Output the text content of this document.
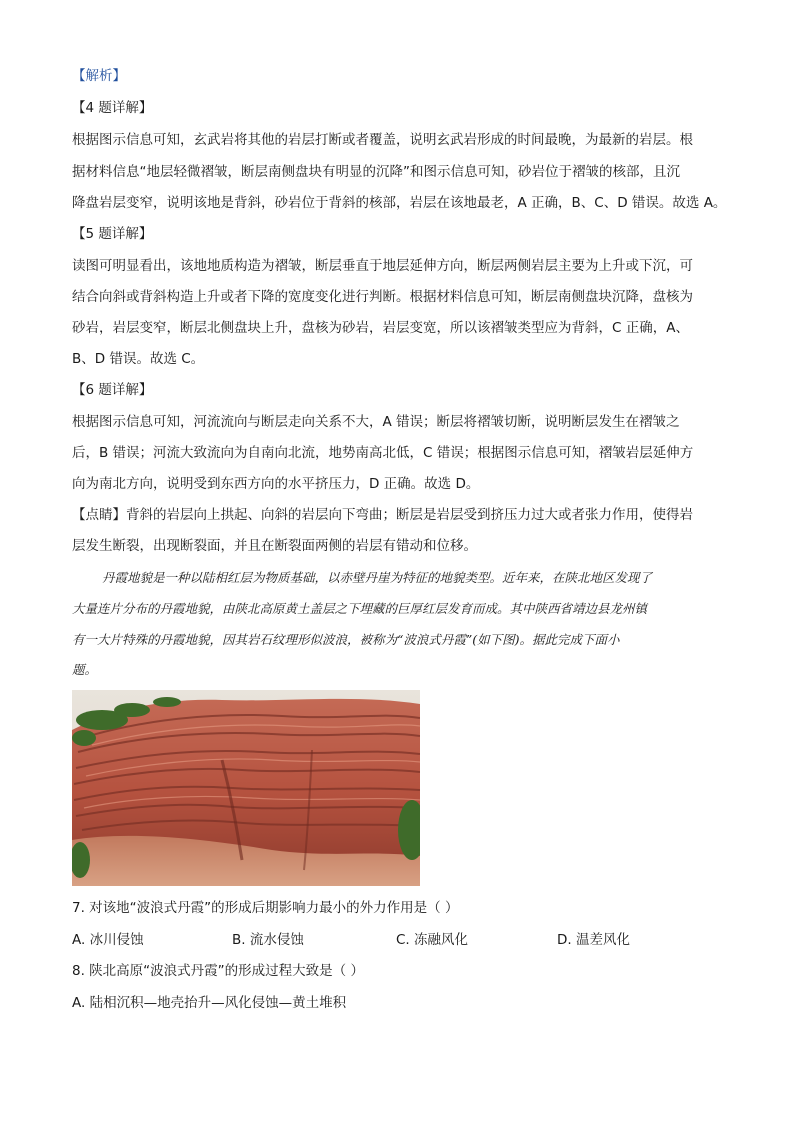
【解析】
【4 题详解】
根据图示信息可知，玄武岩将其他的岩层打断或者覆盖，说明玄武岩形成的时间最晚，为最新的岩层。根
据材料信息“地层轻微褶皱，断层南侧盘块有明显的沉降”和图示信息可知，砂岩位于褶皱的核部，且沉
降盘岩层变窄，说明该地是背斜，砂岩位于背斜的核部，岩层在该地最老，A 正确，B、C、D 错误。故选 A。
【5 题详解】
读图可明显看出，该地地质构造为褶皱，断层垂直于地层延伸方向，断层两侧岩层主要为上升或下沉，可
结合向斜或背斜构造上升或者下降的宽度变化进行判断。根据材料信息可知，断层南侧盘块沉降，盘核为
砂岩，岩层变窄，断层北侧盘块上升，盘核为砂岩，岩层变宽，所以该褶皱类型应为背斜，C 正确，A、
B、D 错误。故选 C。
【6 题详解】
根据图示信息可知，河流流向与断层走向关系不大，A 错误；断层将褶皱切断，说明断层发生在褶皱之
后，B 错误；河流大致流向为自南向北流，地势南高北低，C 错误；根据图示信息可知，褶皱岩层延伸方
向为南北方向，说明受到东西方向的水平挤压力，D 正确。故选 D。
【点睛】背斜的岩层向上拱起、向斜的岩层向下弯曲；断层是岩层受到挤压力过大或者张力作用，使得岩
层发生断裂，出现断裂面，并且在断裂面两侧的岩层有错动和位移。
丹霞地貌是一种以陆相红层为物质基础，以赤壁丹崖为特征的地貌类型。近年来，在陕北地区发现了
大量连片分布的丹霞地貌，由陕北高原黄土盖层之下埋藏的巨厚红层发育而成。其中陕西省靖边县龙州镇
有一大片特殊的丹霞地貌，因其岩石纹理形似波浪，被称为“波浪式丹霞”(如下图)。据此完成下面小
题。
7. 对该地“波浪式丹霞”的形成后期影响力最小的外力作用是（ ）
A. 冰川侵蚀	B. 流水侵蚀	C. 冻融风化	D. 温差风化
8. 陕北高原“波浪式丹霞”的形成过程大致是（ ）
A. 陆相沉积—地壳抬升—风化侵蚀—黄土堆积
